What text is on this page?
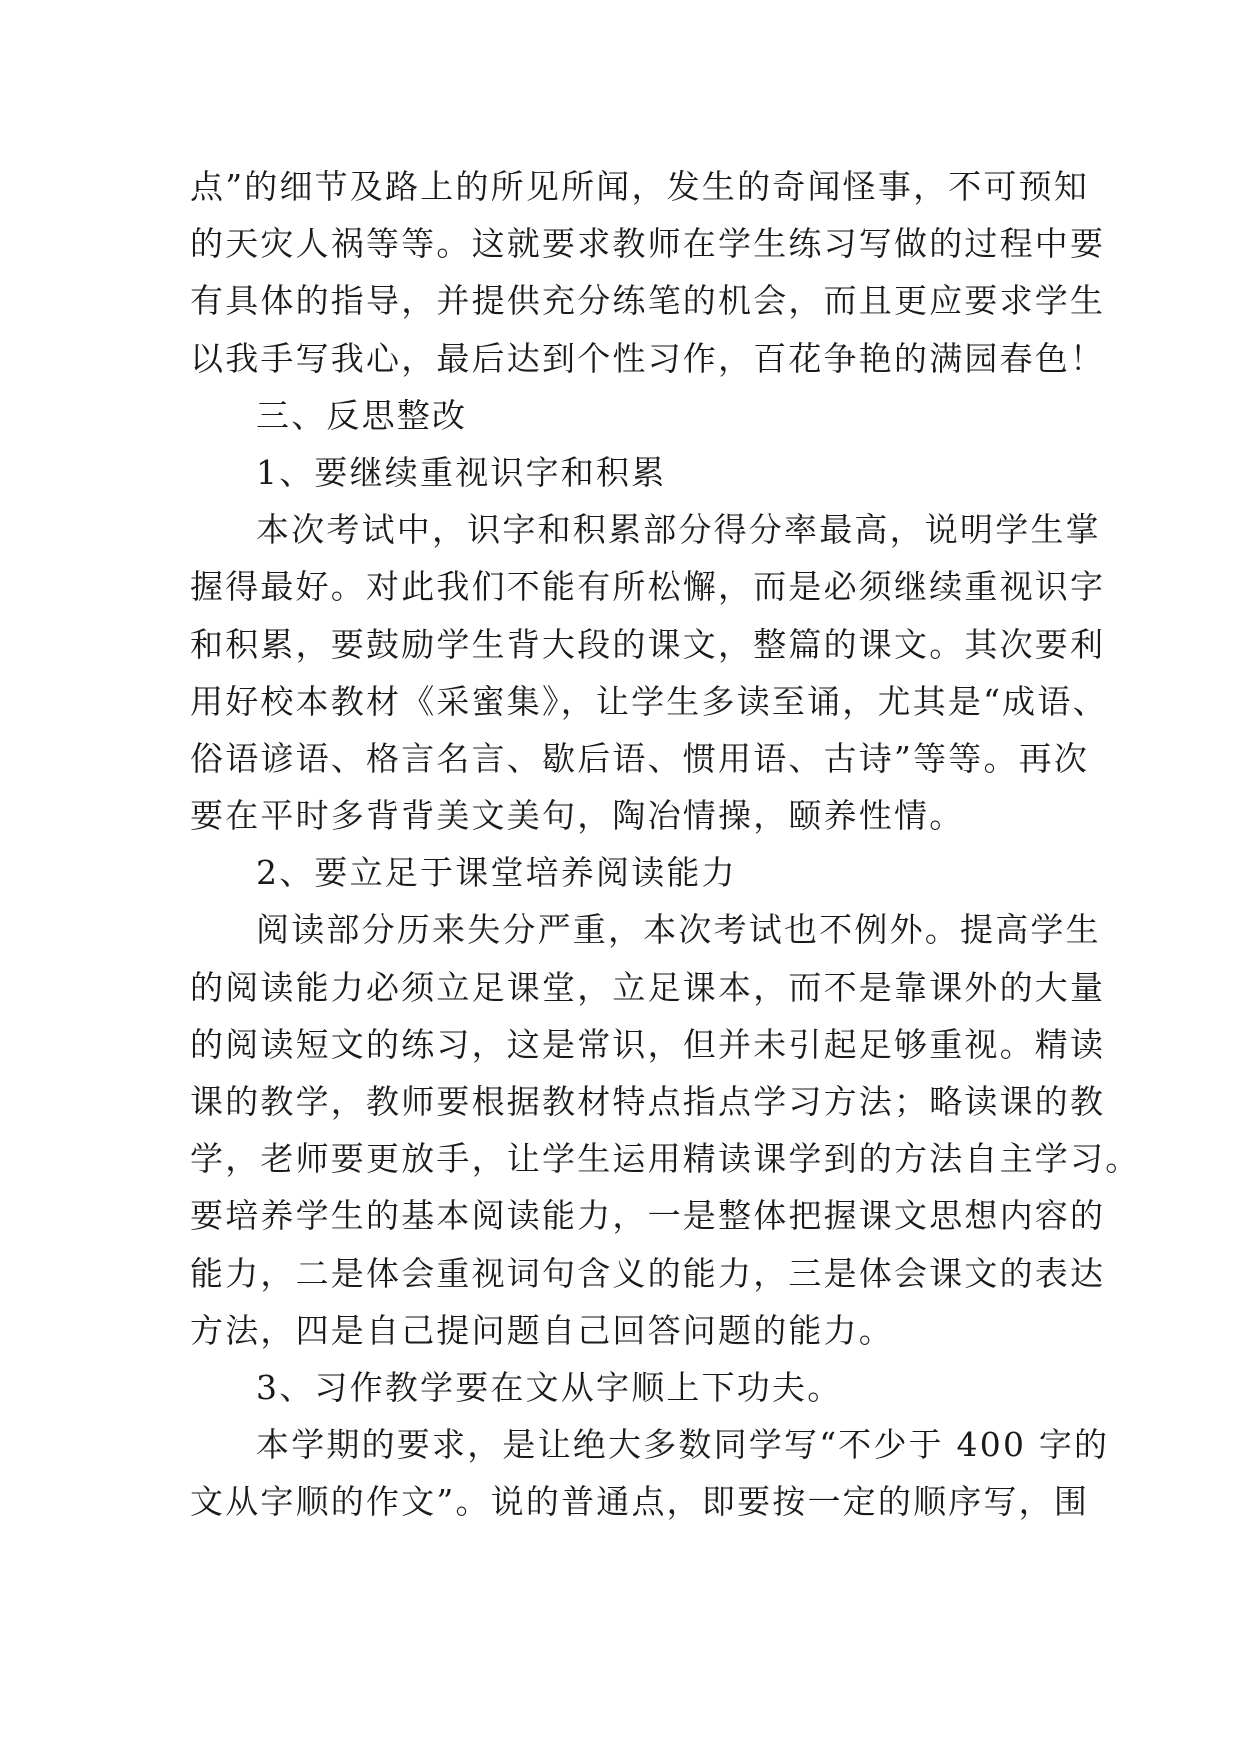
点”的细节及路上的所见所闻，发生的奇闻怪事，不可预知
的天灾人祸等等。这就要求教师在学生练习写做的过程中要
有具体的指导，并提供充分练笔的机会，而且更应要求学生
以我手写我心，最后达到个性习作，百花争艳的满园春色！
三、反思整改
1、要继续重视识字和积累
本次考试中，识字和积累部分得分率最高，说明学生掌
握得最好。对此我们不能有所松懈，而是必须继续重视识字
和积累，要鼓励学生背大段的课文，整篇的课文。其次要利
用好校本教材《采蜜集》，让学生多读至诵，尤其是“成语、
俗语谚语、格言名言、歇后语、惯用语、古诗”等等。再次
要在平时多背背美文美句，陶冶情操，颐养性情。
2、要立足于课堂培养阅读能力
阅读部分历来失分严重，本次考试也不例外。提高学生
的阅读能力必须立足课堂，立足课本，而不是靠课外的大量
的阅读短文的练习，这是常识，但并未引起足够重视。精读
课的教学，教师要根据教材特点指点学习方法；略读课的教
学，老师要更放手，让学生运用精读课学到的方法自主学习。
要培养学生的基本阅读能力，一是整体把握课文思想内容的
能力，二是体会重视词句含义的能力，三是体会课文的表达
方法，四是自己提问题自己回答问题的能力。
3、习作教学要在文从字顺上下功夫。
本学期的要求，是让绝大多数同学写“不少于 400 字的
文从字顺的作文”。说的普通点，即要按一定的顺序写，围
